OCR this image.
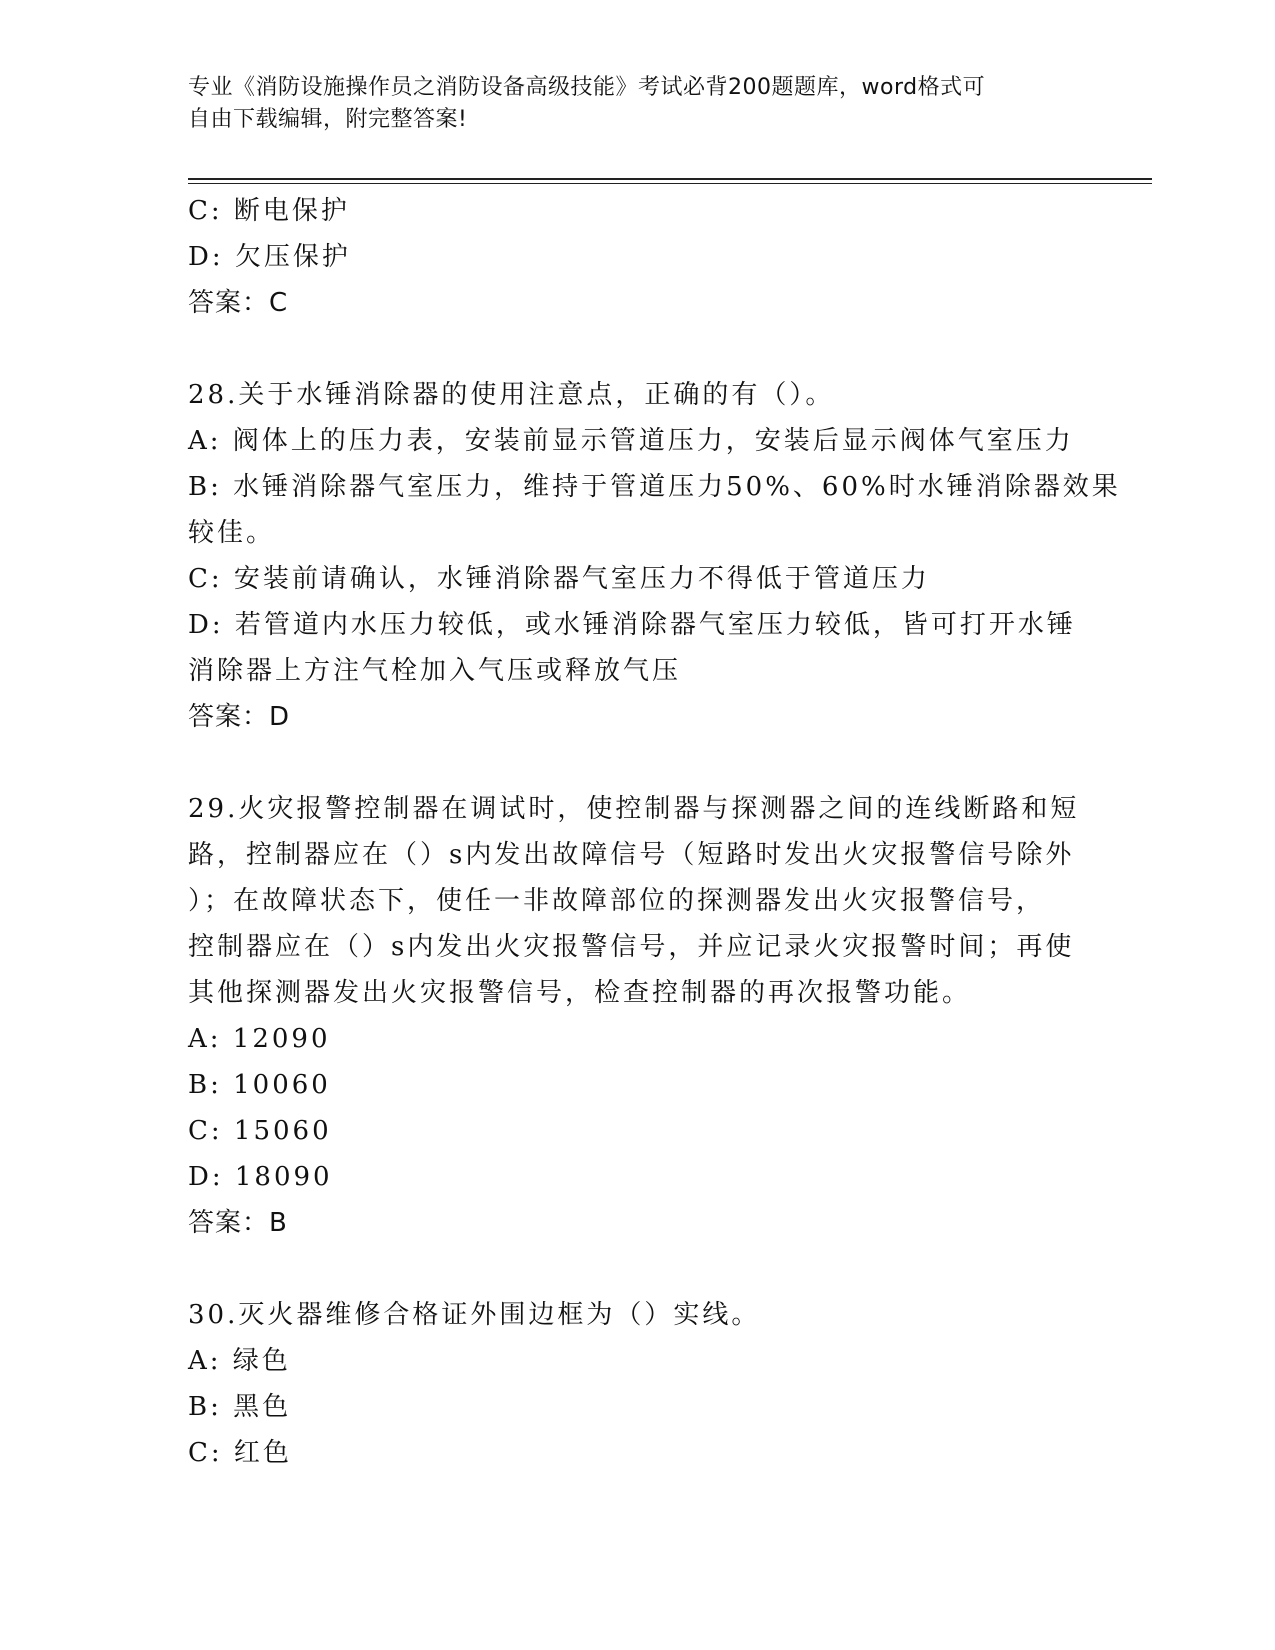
专业《消防设施操作员之消防设备高级技能》考试必背200题题库，word格式可
自由下载编辑，附完整答案!
C: 断电保护
D: 欠压保护
答案：C
28.关于水锤消除器的使用注意点，正确的有（）。
A: 阀体上的压力表，安装前显示管道压力，安装后显示阀体气室压力
B: 水锤消除器气室压力，维持于管道压力50%、60%时水锤消除器效果
较佳。
C: 安装前请确认，水锤消除器气室压力不得低于管道压力
D: 若管道内水压力较低，或水锤消除器气室压力较低，皆可打开水锤
消除器上方注气栓加入气压或释放气压
答案：D
29.火灾报警控制器在调试时，使控制器与探测器之间的连线断路和短
路，控制器应在（）s内发出故障信号（短路时发出火灾报警信号除外
）；在故障状态下，使任一非故障部位的探测器发出火灾报警信号，
控制器应在（）s内发出火灾报警信号，并应记录火灾报警时间；再使
其他探测器发出火灾报警信号，检查控制器的再次报警功能。
A: 12090
B: 10060
C: 15060
D: 18090
答案：B
30.灭火器维修合格证外围边框为（）实线。
A: 绿色
B: 黑色
C: 红色
